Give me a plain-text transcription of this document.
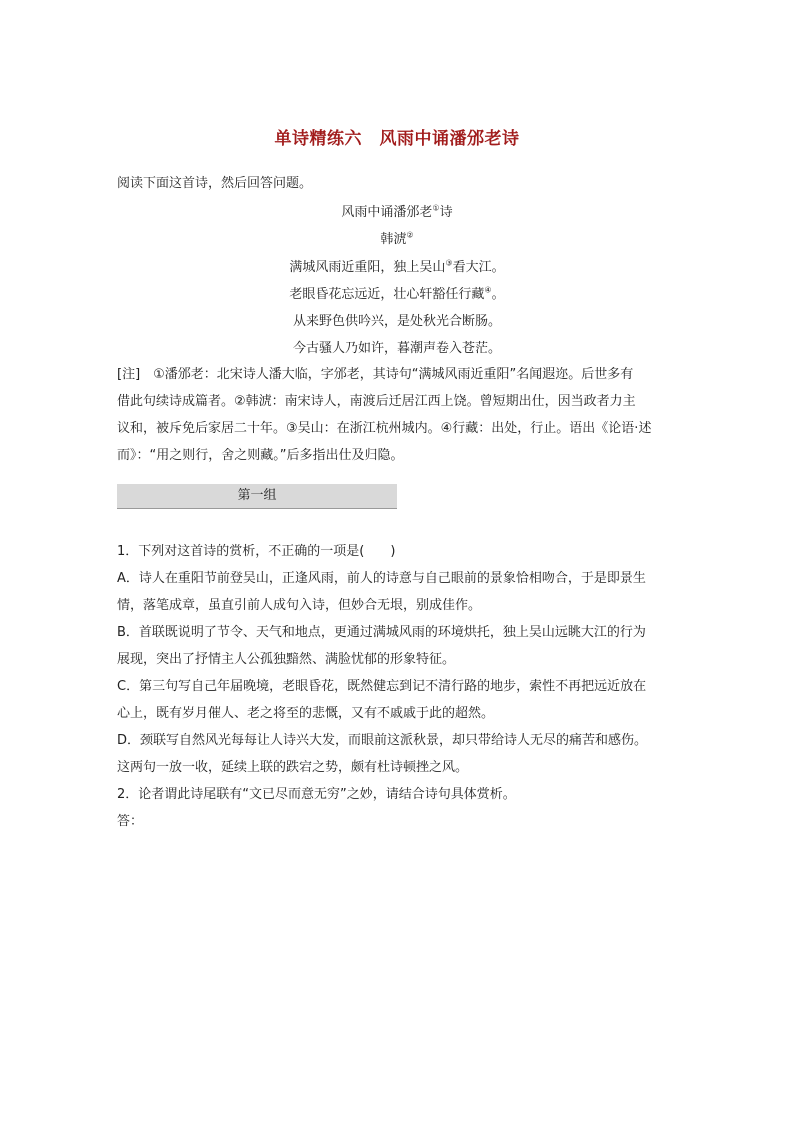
单诗精练六　风雨中诵潘邠老诗
阅读下面这首诗，然后回答问题。
风雨中诵潘邠老①诗
韩淲②
满城风雨近重阳，独上吴山③看大江。
老眼昏花忘远近，壮心轩豁任行藏④。
从来野色供吟兴，是处秋光合断肠。
今古骚人乃如许，暮潮声卷入苍茫。
[注]　①潘邠老：北宋诗人潘大临，字邠老，其诗句“满城风雨近重阳”名闻遐迩。后世多有
借此句续诗成篇者。②韩淲：南宋诗人，南渡后迁居江西上饶。曾短期出仕，因当政者力主
议和，被斥免后家居二十年。③吴山：在浙江杭州城内。④行藏：出处，行止。语出《论语·述
而》：“用之则行，舍之则藏。”后多指出仕及归隐。
第一组
1．下列对这首诗的赏析，不正确的一项是(　　)
A．诗人在重阳节前登吴山，正逢风雨，前人的诗意与自己眼前的景象恰相吻合，于是即景生
情，落笔成章，虽直引前人成句入诗，但妙合无垠，别成佳作。
B．首联既说明了节令、天气和地点，更通过满城风雨的环境烘托，独上吴山远眺大江的行为
展现，突出了抒情主人公孤独黯然、满脸忧郁的形象特征。
C．第三句写自己年届晚境，老眼昏花，既然健忘到记不清行路的地步，索性不再把远近放在
心上，既有岁月催人、老之将至的悲慨，又有不戚戚于此的超然。
D．颈联写自然风光每每让人诗兴大发，而眼前这派秋景，却只带给诗人无尽的痛苦和感伤。
这两句一放一收，延续上联的跌宕之势，颇有杜诗顿挫之风。
2．论者谓此诗尾联有“文已尽而意无穷”之妙，请结合诗句具体赏析。
答：
